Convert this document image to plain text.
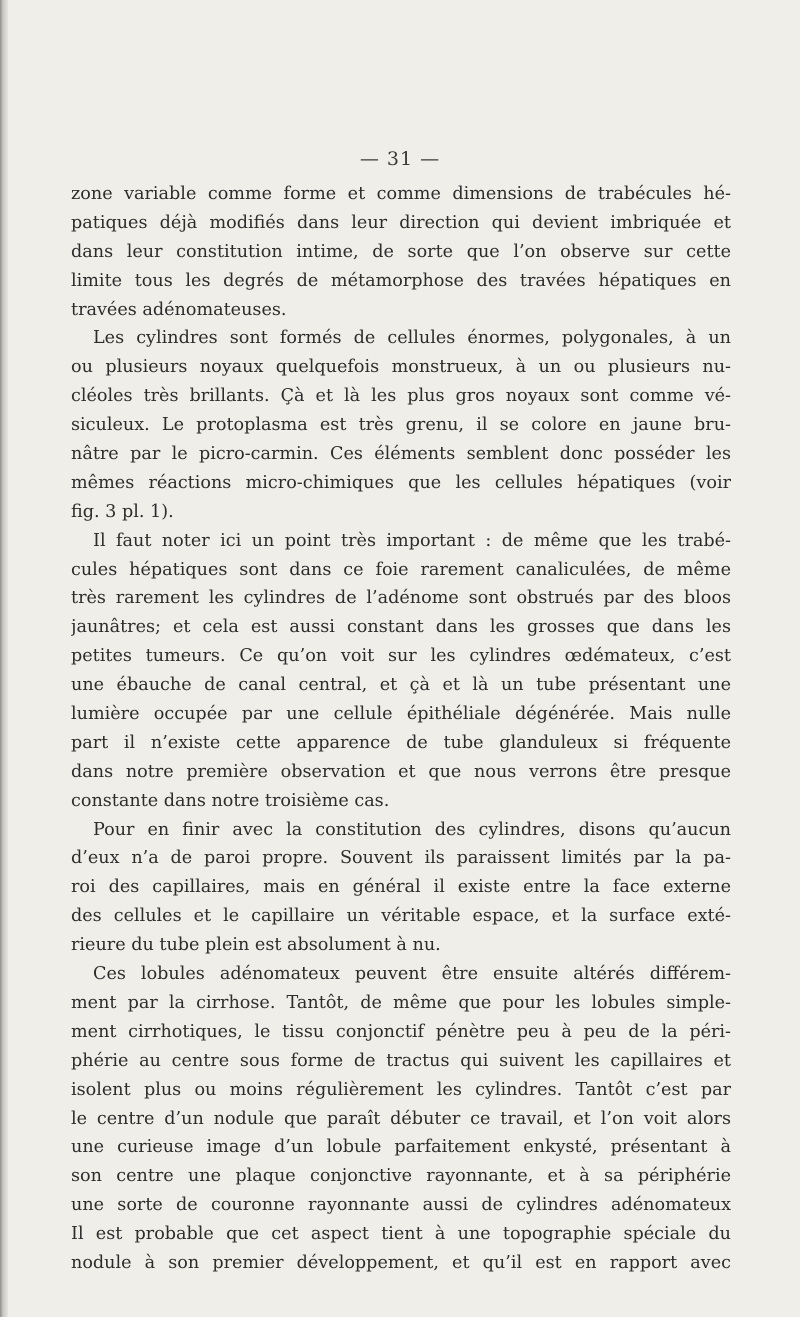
— 31 —
zone variable comme forme et comme dimensions de trabécules hé-
patiques déjà modifiés dans leur direction qui devient imbriquée et
dans leur constitution intime, de sorte que l’on observe sur cette
limite tous les degrés de métamorphose des travées hépatiques en
travées adénomateuses.
Les cylindres sont formés de cellules énormes, polygonales, à un
ou plusieurs noyaux quelquefois monstrueux, à un ou plusieurs nu-
cléoles très brillants. Çà et là les plus gros noyaux sont comme vé-
siculeux. Le protoplasma est très grenu, il se colore en jaune bru-
nâtre par le picro-carmin. Ces éléments semblent donc posséder les
mêmes réactions micro-chimiques que les cellules hépatiques (voir
fig. 3 pl. 1).
Il faut noter ici un point très important : de même que les trabé-
cules hépatiques sont dans ce foie rarement canaliculées, de même
très rarement les cylindres de l’adénome sont obstrués par des bloos
jaunâtres; et cela est aussi constant dans les grosses que dans les
petites tumeurs. Ce qu’on voit sur les cylindres œdémateux, c’est
une ébauche de canal central, et çà et là un tube présentant une
lumière occupée par une cellule épithéliale dégénérée. Mais nulle
part il n’existe cette apparence de tube glanduleux si fréquente
dans notre première observation et que nous verrons être presque
constante dans notre troisième cas.
Pour en finir avec la constitution des cylindres, disons qu’aucun
d’eux n’a de paroi propre. Souvent ils paraissent limités par la pa-
roi des capillaires, mais en général il existe entre la face externe
des cellules et le capillaire un véritable espace, et la surface exté-
rieure du tube plein est absolument à nu.
Ces lobules adénomateux peuvent être ensuite altérés différem-
ment par la cirrhose. Tantôt, de même que pour les lobules simple-
ment cirrhotiques, le tissu conjonctif pénètre peu à peu de la péri-
phérie au centre sous forme de tractus qui suivent les capillaires et
isolent plus ou moins régulièrement les cylindres. Tantôt c’est par
le centre d’un nodule que paraît débuter ce travail, et l’on voit alors
une curieuse image d’un lobule parfaitement enkysté, présentant à
son centre une plaque conjonctive rayonnante, et à sa périphérie
une sorte de couronne rayonnante aussi de cylindres adénomateux
Il est probable que cet aspect tient à une topographie spéciale du
nodule à son premier développement, et qu’il est en rapport avec
